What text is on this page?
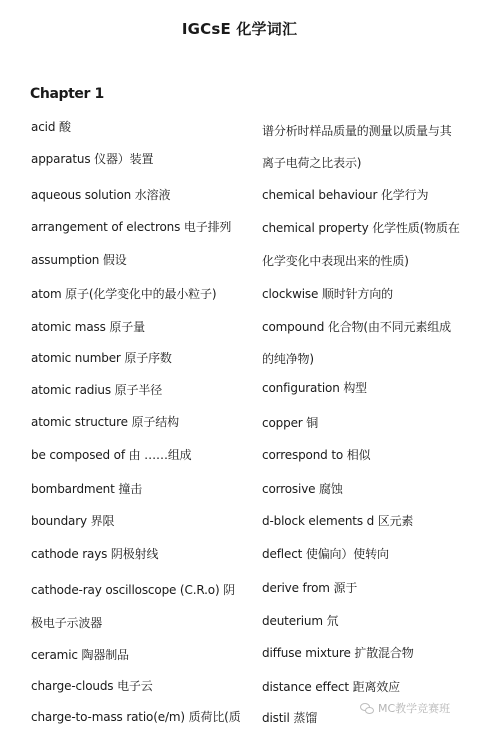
IGCsE 化学词汇
Chapter 1
acid 酸
apparatus 仪器）装置
aqueous solution 水溶液
arrangement of electrons 电子排列
assumption 假设
atom 原子(化学变化中的最小粒子)
atomic mass 原子量
atomic number 原子序数
atomic radius 原子半径
atomic structure 原子结构
be composed of 由 ……组成
bombardment 撞击
boundary 界限
cathode rays 阴极射线
cathode-ray oscilloscope (C.R.o) 阴
极电子示波器
ceramic 陶器制品
charge-clouds 电子云
charge-to-mass ratio(e/m) 质荷比(质
谱分析时样品质量的测量以质量与其
离子电荷之比表示)
chemical behaviour 化学行为
chemical property 化学性质(物质在
化学变化中表现出来的性质)
clockwise 顺时针方向的
compound 化合物(由不同元素组成
的纯净物)
configuration 构型
copper 铜
correspond to 相似
corrosive 腐蚀
d-block elements d 区元素
deflect 使偏向）使转向
derive from 源于
deuterium 氘
diffuse mixture 扩散混合物
distance effect 距离效应
distil 蒸馏
MC教学竞赛班
